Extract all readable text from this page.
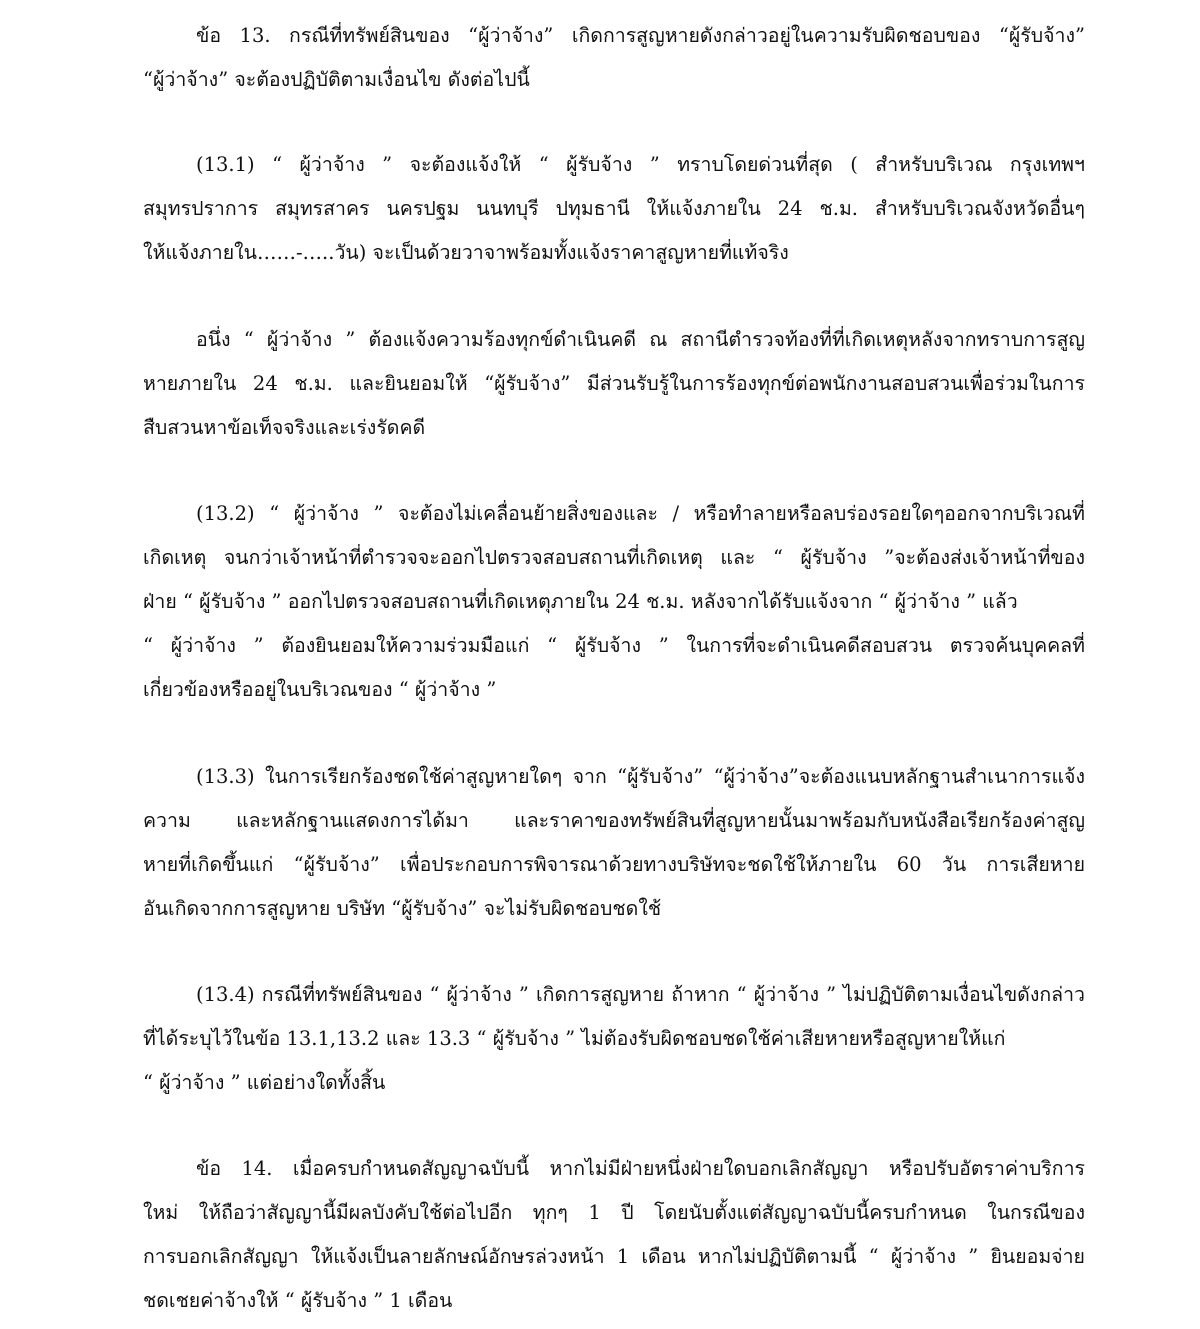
ข้อ 13. กรณีที่ทรัพย์สินของ “ผู้ว่าจ้าง” เกิดการสูญหายดังกล่าวอยู่ในความรับผิดชอบของ “ผู้รับจ้าง”
“ผู้ว่าจ้าง” จะต้องปฏิบัติตามเงื่อนไข ดังต่อไปนี้
(13.1) “ ผู้ว่าจ้าง ” จะต้องแจ้งให้ “ ผู้รับจ้าง ” ทราบโดยด่วนที่สุด ( สำหรับบริเวณ กรุงเทพฯ
สมุทรปราการ สมุทรสาคร นครปฐม นนทบุรี ปทุมธานี ให้แจ้งภายใน 24 ช.ม. สำหรับบริเวณจังหวัดอื่นๆ
ให้แจ้งภายใน……-…..วัน) จะเป็นด้วยวาจาพร้อมทั้งแจ้งราคาสูญหายที่แท้จริง
อนึ่ง “ ผู้ว่าจ้าง ” ต้องแจ้งความร้องทุกข์ดำเนินคดี ณ สถานีตำรวจท้องที่ที่เกิดเหตุหลังจากทราบการสูญ
หายภายใน 24 ช.ม. และยินยอมให้ “ผู้รับจ้าง” มีส่วนรับรู้ในการร้องทุกข์ต่อพนักงานสอบสวนเพื่อร่วมในการ
สืบสวนหาข้อเท็จจริงและเร่งรัดคดี
(13.2) “ ผู้ว่าจ้าง ” จะต้องไม่เคลื่อนย้ายสิ่งของและ / หรือทำลายหรือลบร่องรอยใดๆออกจากบริเวณที่
เกิดเหตุ จนกว่าเจ้าหน้าที่ตำรวจจะออกไปตรวจสอบสถานที่เกิดเหตุ และ “ ผู้รับจ้าง ”จะต้องส่งเจ้าหน้าที่ของ
ฝ่าย “ ผู้รับจ้าง ” ออกไปตรวจสอบสถานที่เกิดเหตุภายใน 24 ช.ม. หลังจากได้รับแจ้งจาก “ ผู้ว่าจ้าง ” แล้ว
“ ผู้ว่าจ้าง ” ต้องยินยอมให้ความร่วมมือแก่ “ ผู้รับจ้าง ” ในการที่จะดำเนินคดีสอบสวน ตรวจค้นบุคคลที่
เกี่ยวข้องหรืออยู่ในบริเวณของ “ ผู้ว่าจ้าง ”
(13.3) ในการเรียกร้องชดใช้ค่าสูญหายใดๆ จาก “ผู้รับจ้าง” “ผู้ว่าจ้าง”จะต้องแนบหลักฐานสำเนาการแจ้ง
ความ และหลักฐานแสดงการได้มา และราคาของทรัพย์สินที่สูญหายนั้นมาพร้อมกับหนังสือเรียกร้องค่าสูญ
หายที่เกิดขึ้นแก่ “ผู้รับจ้าง” เพื่อประกอบการพิจารณาด้วยทางบริษัทจะชดใช้ให้ภายใน 60 วัน การเสียหาย
อันเกิดจากการสูญหาย บริษัท “ผู้รับจ้าง” จะไม่รับผิดชอบชดใช้
(13.4) กรณีที่ทรัพย์สินของ “ ผู้ว่าจ้าง ” เกิดการสูญหาย ถ้าหาก “ ผู้ว่าจ้าง ” ไม่ปฏิบัติตามเงื่อนไขดังกล่าว
ที่ได้ระบุไว้ในข้อ 13.1,13.2 และ 13.3 “ ผู้รับจ้าง ” ไม่ต้องรับผิดชอบชดใช้ค่าเสียหายหรือสูญหายให้แก่
“ ผู้ว่าจ้าง ” แต่อย่างใดทั้งสิ้น
ข้อ 14. เมื่อครบกำหนดสัญญาฉบับนี้ หากไม่มีฝ่ายหนึ่งฝ่ายใดบอกเลิกสัญญา หรือปรับอัตราค่าบริการ
ใหม่ ให้ถือว่าสัญญานี้มีผลบังคับใช้ต่อไปอีก ทุกๆ 1 ปี โดยนับตั้งแต่สัญญาฉบับนี้ครบกำหนด ในกรณีของ
การบอกเลิกสัญญา ให้แจ้งเป็นลายลักษณ์อักษรล่วงหน้า 1 เดือน หากไม่ปฏิบัติตามนี้ “ ผู้ว่าจ้าง ” ยินยอมจ่าย
ชดเชยค่าจ้างให้ “ ผู้รับจ้าง ” 1 เดือน
